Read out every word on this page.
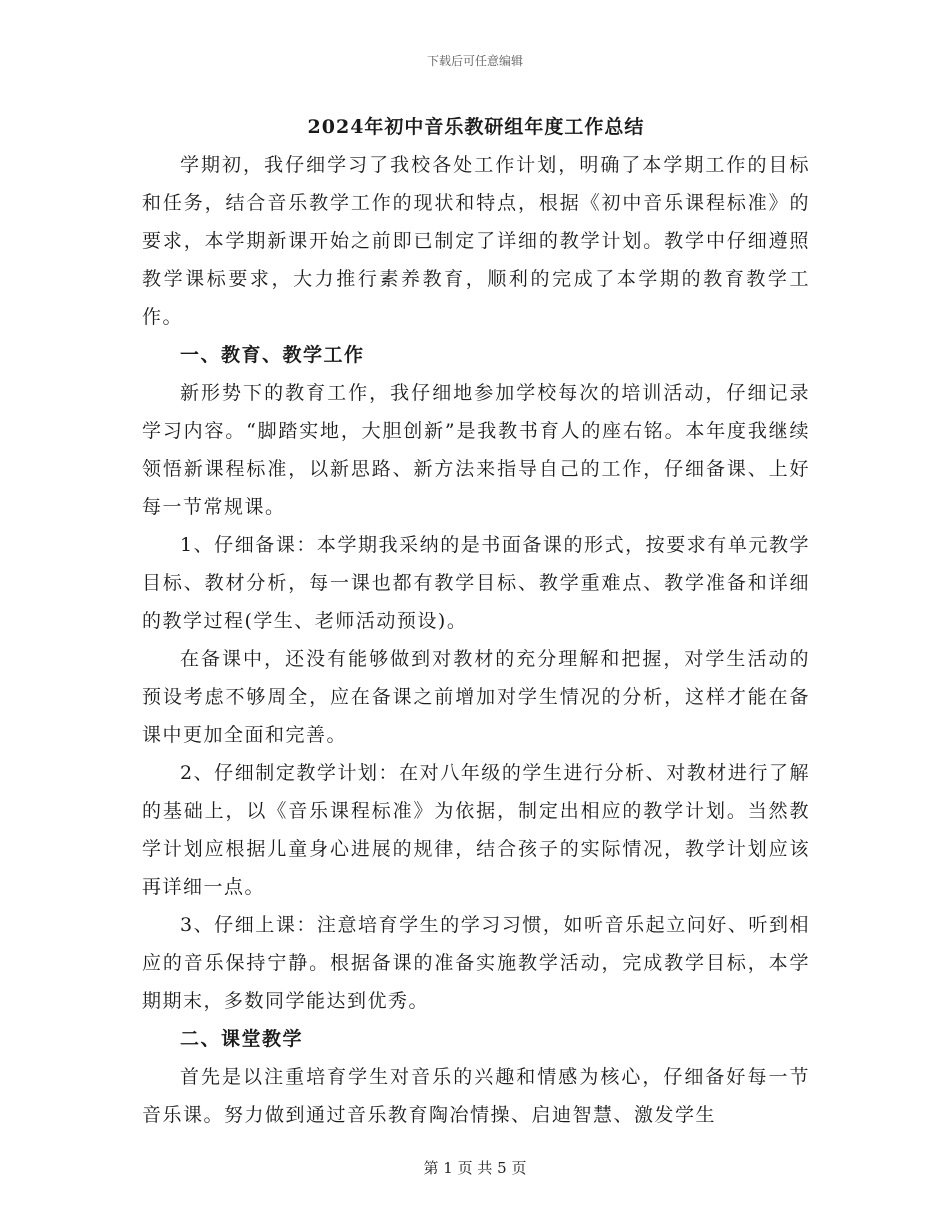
下载后可任意编辑
2024年初中音乐教研组年度工作总结

学期初，我仔细学习了我校各处工作计划，明确了本学期工作的目标和任务，结合音乐教学工作的现状和特点，根据《初中音乐课程标准》的要求，本学期新课开始之前即已制定了详细的教学计划。教学中仔细遵照教学课标要求，大力推行素养教育，顺利的完成了本学期的教育教学工作。

一、教育、教学工作

新形势下的教育工作，我仔细地参加学校每次的培训活动，仔细记录学习内容。“脚踏实地，大胆创新”是我教书育人的座右铭。本年度我继续领悟新课程标准，以新思路、新方法来指导自己的工作，仔细备课、上好每一节常规课。

1、仔细备课：本学期我采纳的是书面备课的形式，按要求有单元教学目标、教材分析，每一课也都有教学目标、教学重难点、教学准备和详细的教学过程(学生、老师活动预设)。

在备课中，还没有能够做到对教材的充分理解和把握，对学生活动的预设考虑不够周全，应在备课之前增加对学生情况的分析，这样才能在备课中更加全面和完善。

2、仔细制定教学计划：在对八年级的学生进行分析、对教材进行了解的基础上，以《音乐课程标准》为依据，制定出相应的教学计划。当然教学计划应根据儿童身心进展的规律，结合孩子的实际情况，教学计划应该再详细一点。

3、仔细上课：注意培育学生的学习习惯，如听音乐起立问好、听到相应的音乐保持宁静。根据备课的准备实施教学活动，完成教学目标，本学期期末，多数同学能达到优秀。

二、课堂教学

首先是以注重培育学生对音乐的兴趣和情感为核心，仔细备好每一节音乐课。努力做到通过音乐教育陶冶情操、启迪智慧、激发学生

第 1 页 共 5 页
